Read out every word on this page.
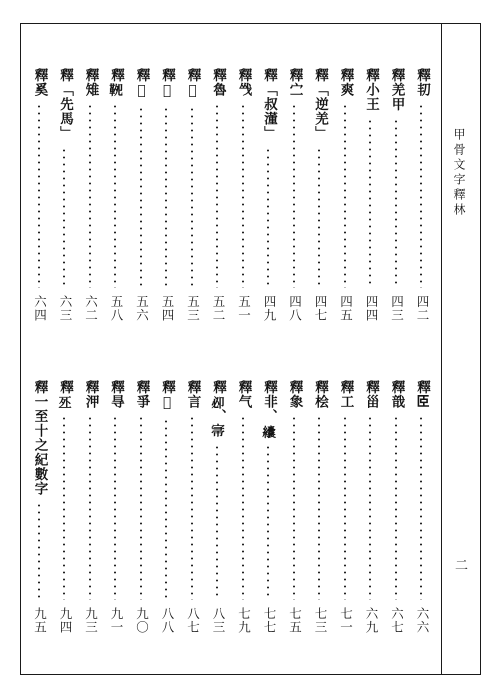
甲骨文字釋林
二
釋㓞
四二
釋羌甲
四三
釋小王
四四
釋爽
四五
釋「逆羌」
四七
釋㝉
四八
釋「叔𣿅」
四九
釋㦰
五一
釋魯
五二
釋𦉶
五三
釋𦊊
五四
釋𡧊
五六
釋𩊁
五八
釋雉
六二
釋「先馬」
六三
釋奚
六四
釋𦣞
六六
釋戠
六七
釋甾
六九
釋工
七一
釋桧
七三
釋𧰼
七五
釋非、𦈃
七七
釋气
七九
釋𠨘、𡨦
八三
釋言
八七
釋𩆊
八八
釋爭
九〇
釋㝵
九一
釋㳌
九三
釋𠄨
九四
釋一至十之紀數字
九五
